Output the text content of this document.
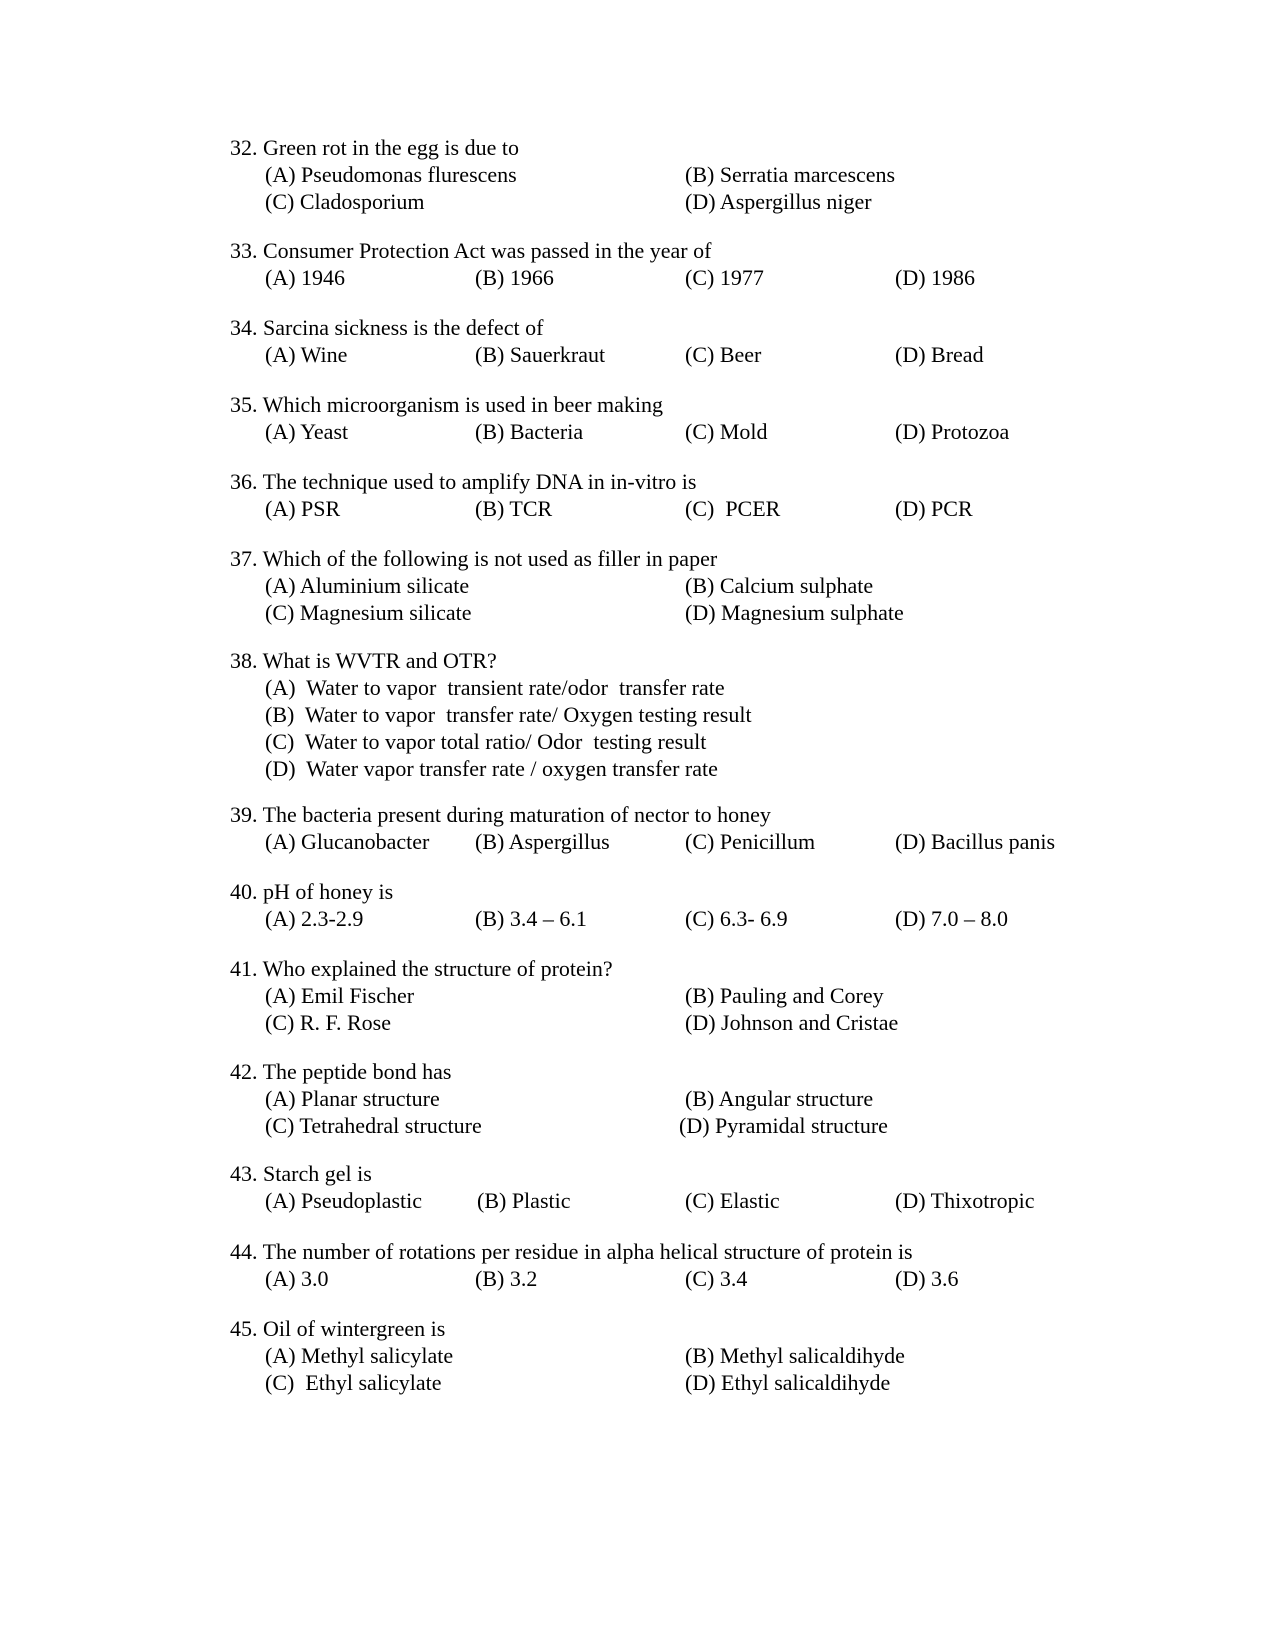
32. Green rot in the egg is due to

(A) Pseudomonas flurescens

	(B) Serratia marcescens

(C) Cladosporium

	(D) Aspergillus niger

33. Consumer Protection Act was passed in the year of

(A) 1946

	(B) 1966

	(C) 1977

	(D) 1986

34. Sarcina sickness is the defect of

(A) Wine

	(B) Sauerkraut

	(C) Beer

	(D) Bread

35. Which microorganism is used in beer making

(A) Yeast

	(B) Bacteria

	(C) Mold

	(D) Protozoa

36. The technique used to amplify DNA in in-vitro is

(A) PSR

	(B) TCR

	(C)  PCER

	(D) PCR

37. Which of the following is not used as filler in paper

(A) Aluminium silicate

	(B) Calcium sulphate

(C) Magnesium silicate

	(D) Magnesium sulphate

38. What is WVTR and OTR?
(A)  Water to vapor  transient rate/odor  transfer rate
(B)  Water to vapor  transfer rate/ Oxygen testing result
(C)  Water to vapor total ratio/ Odor  testing result
(D)  Water vapor transfer rate / oxygen transfer rate
39. The bacteria present during maturation of nector to honey

(A) Glucanobacter

(B) Aspergillus

	(C) Penicillum

	(D) Bacillus panis

40. pH of honey is

(A) 2.3-2.9

	(B) 3.4 – 6.1

	(C) 6.3- 6.9

	(D) 7.0 – 8.0

41. Who explained the structure of protein?

(A) Emil Fischer

	(B) Pauling and Corey

(C) R. F. Rose

	(D) Johnson and Cristae

42. The peptide bond has

(A) Planar structure

	(B) Angular structure

(C) Tetrahedral structure

	(D) Pyramidal structure

43. Starch gel is

(A) Pseudoplastic

(B) Plastic

	(C) Elastic

	(D) Thixotropic

44. The number of rotations per residue in alpha helical structure of protein is

(A) 3.0

	(B) 3.2

	(C) 3.4

	(D) 3.6

45. Oil of wintergreen is

(A) Methyl salicylate

	(B) Methyl salicaldihyde

(C)  Ethyl salicylate

	(D) Ethyl salicaldihyde
